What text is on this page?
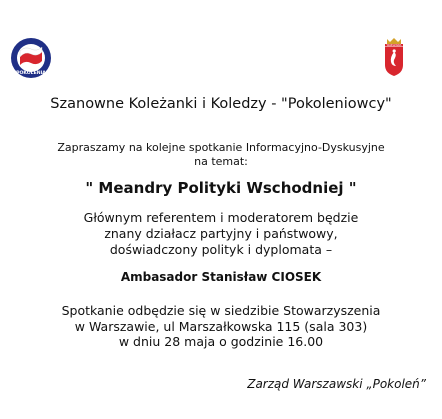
POKOLENIA
WARSZAWA
Szanowne Koleżanki i Koledzy - "Pokoleniowcy"
Zapraszamy na kolejne spotkanie Informacyjno-Dyskusyjne
na temat:
" Meandry Polityki Wschodniej "
Głównym referentem i moderatorem będzie
znany działacz partyjny i państwowy,
doświadczony polityk i dyplomata –
Ambasador Stanisław CIOSEK
Spotkanie odbędzie się w siedzibie Stowarzyszenia
w Warszawie, ul Marszałkowska 115 (sala 303)
w dniu 28 maja o godzinie 16.00
Zarząd Warszawski „Pokoleń”
